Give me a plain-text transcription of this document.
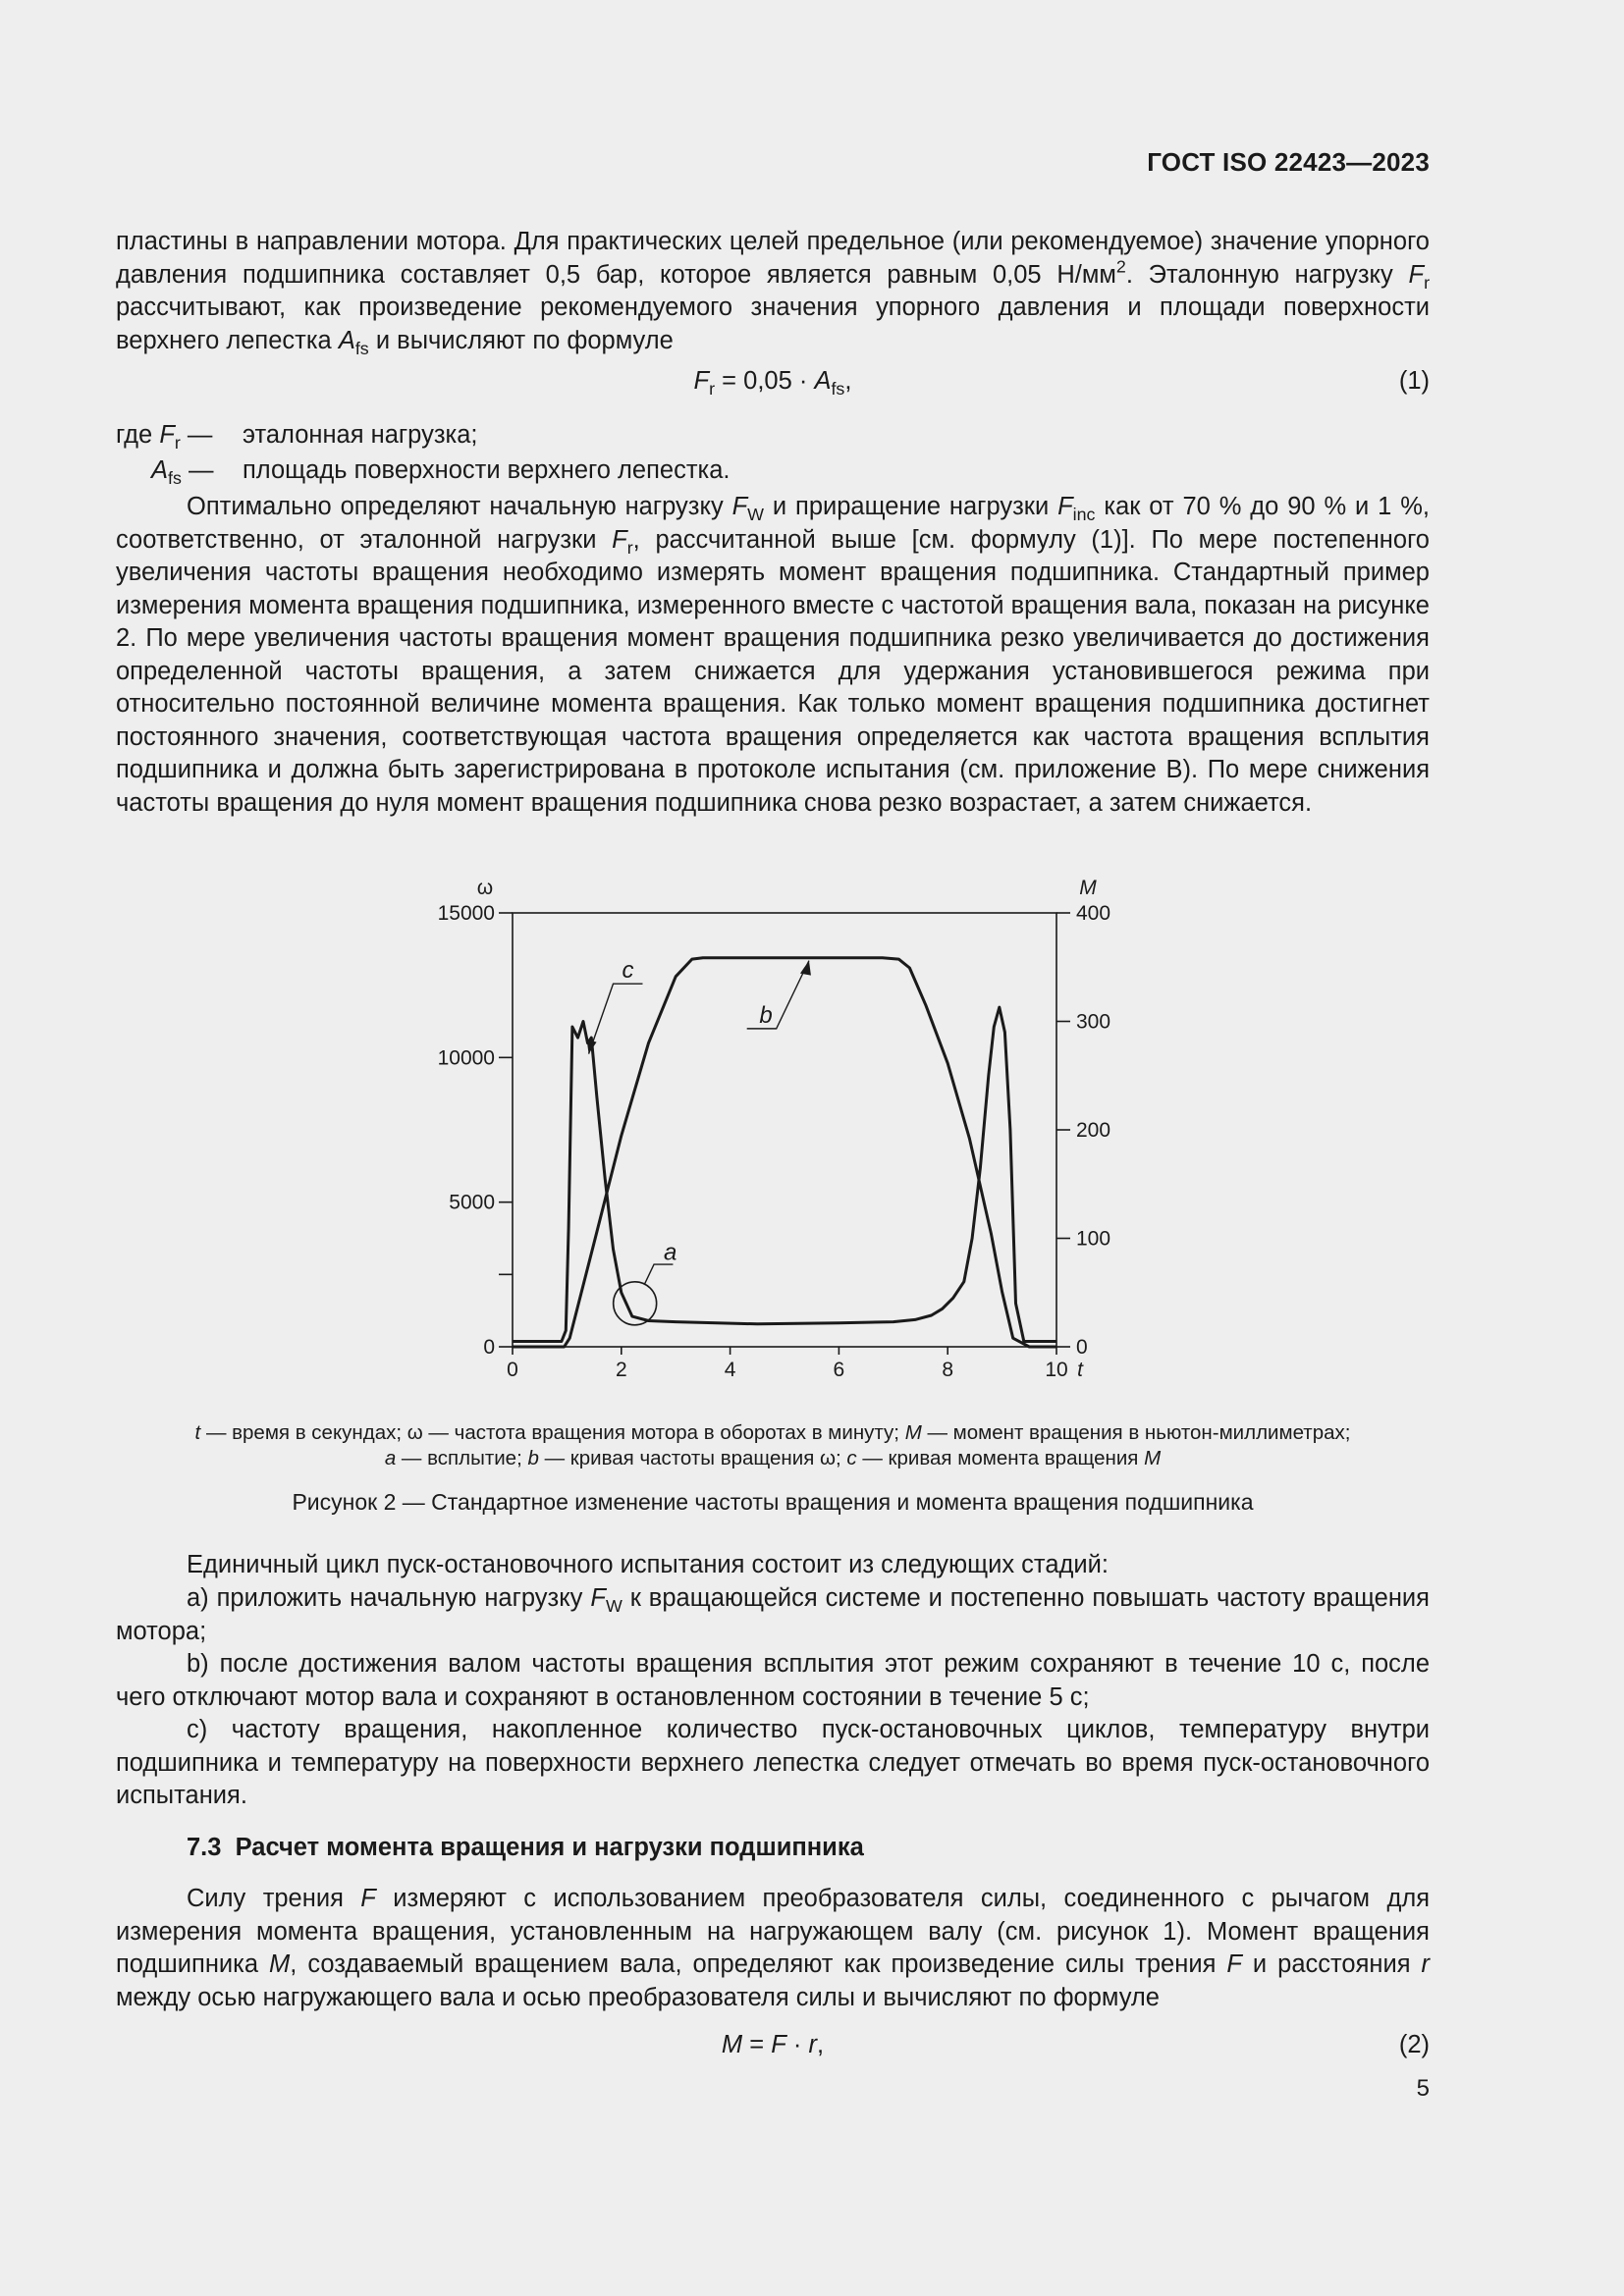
ГОСТ ISO 22423—2023

пластины в направлении мотора. Для практических целей предельное (или рекомендуемое) значение упорного давления подшипника составляет 0,5 бар, которое является равным 0,05 $Н/мм^2$. Эталонную нагрузку $F_r$ рассчитывают, как произведение рекомендуемого значения упорного давления и площади поверхности верхнего лепестка $A_{fs}$ и вычисляют по формуле

$F_r = 0,05 \cdot A_{fs}$,	(1)
где $F_r$ — эталонная нагрузка;
$A_{fs}$ — площадь поверхности верхнего лепестка.

Оптимально определяют начальную нагрузку $F_W$ и приращение нагрузки $F_{inc}$ как от 70 % до 90 % и 1 %, соответственно, от эталонной нагрузки $F_r$, рассчитанной выше [см. формулу (1)]. По мере постепенного увеличения частоты вращения необходимо измерять момент вращения подшипника. Стандартный пример измерения момента вращения подшипника, измеренного вместе с частотой вращения вала, показан на рисунке 2. По мере увеличения частоты вращения момент вращения подшипника резко увеличивается до достижения определенной частоты вращения, а затем снижается для удержания установившегося режима при относительно постоянной величине момента вращения. Как только момент вращения подшипника достигнет постоянного значения, соответствующая частота вращения определяется как частота вращения всплытия подшипника и должна быть зарегистрирована в протоколе испытания (см. приложение B). По мере снижения частоты вращения до нуля момент вращения подшипника снова резко возрастает, а затем снижается.

0	2	4	6	8	10
0
5000
10000
15000
0
100
200
300
400
ω	M
t
a
b
c
t — время в секундах; ω — частота вращения мотора в оборотах в минуту; M — момент вращения в ньютон-миллиметрах;
a — всплытие; b — кривая частоты вращения ω; c — кривая момента вращения M
Рисунок 2 — Стандартное изменение частоты вращения и момента вращения подшипника

Единичный цикл пуск-остановочного испытания состоит из следующих стадий:

a) приложить начальную нагрузку $F_W$ к вращающейся системе и постепенно повышать частоту вращения мотора;

b) после достижения валом частоты вращения всплытия этот режим сохраняют в течение 10 с, после чего отключают мотор вала и сохраняют в остановленном состоянии в течение 5 с;

c) частоту вращения, накопленное количество пуск-остановочных циклов, температуру внутри подшипника и температуру на поверхности верхнего лепестка следует отмечать во время пуск-остановочного испытания.

7.3 Расчет момента вращения и нагрузки подшипника

Силу трения F измеряют с использованием преобразователя силы, соединенного с рычагом для измерения момента вращения, установленным на нагружающем валу (см. рисунок 1). Момент вращения подшипника M, создаваемый вращением вала, определяют как произведение силы трения F и расстояния r между осью нагружающего вала и осью преобразователя силы и вычисляют по формуле

M = F · r,	(2)
5
